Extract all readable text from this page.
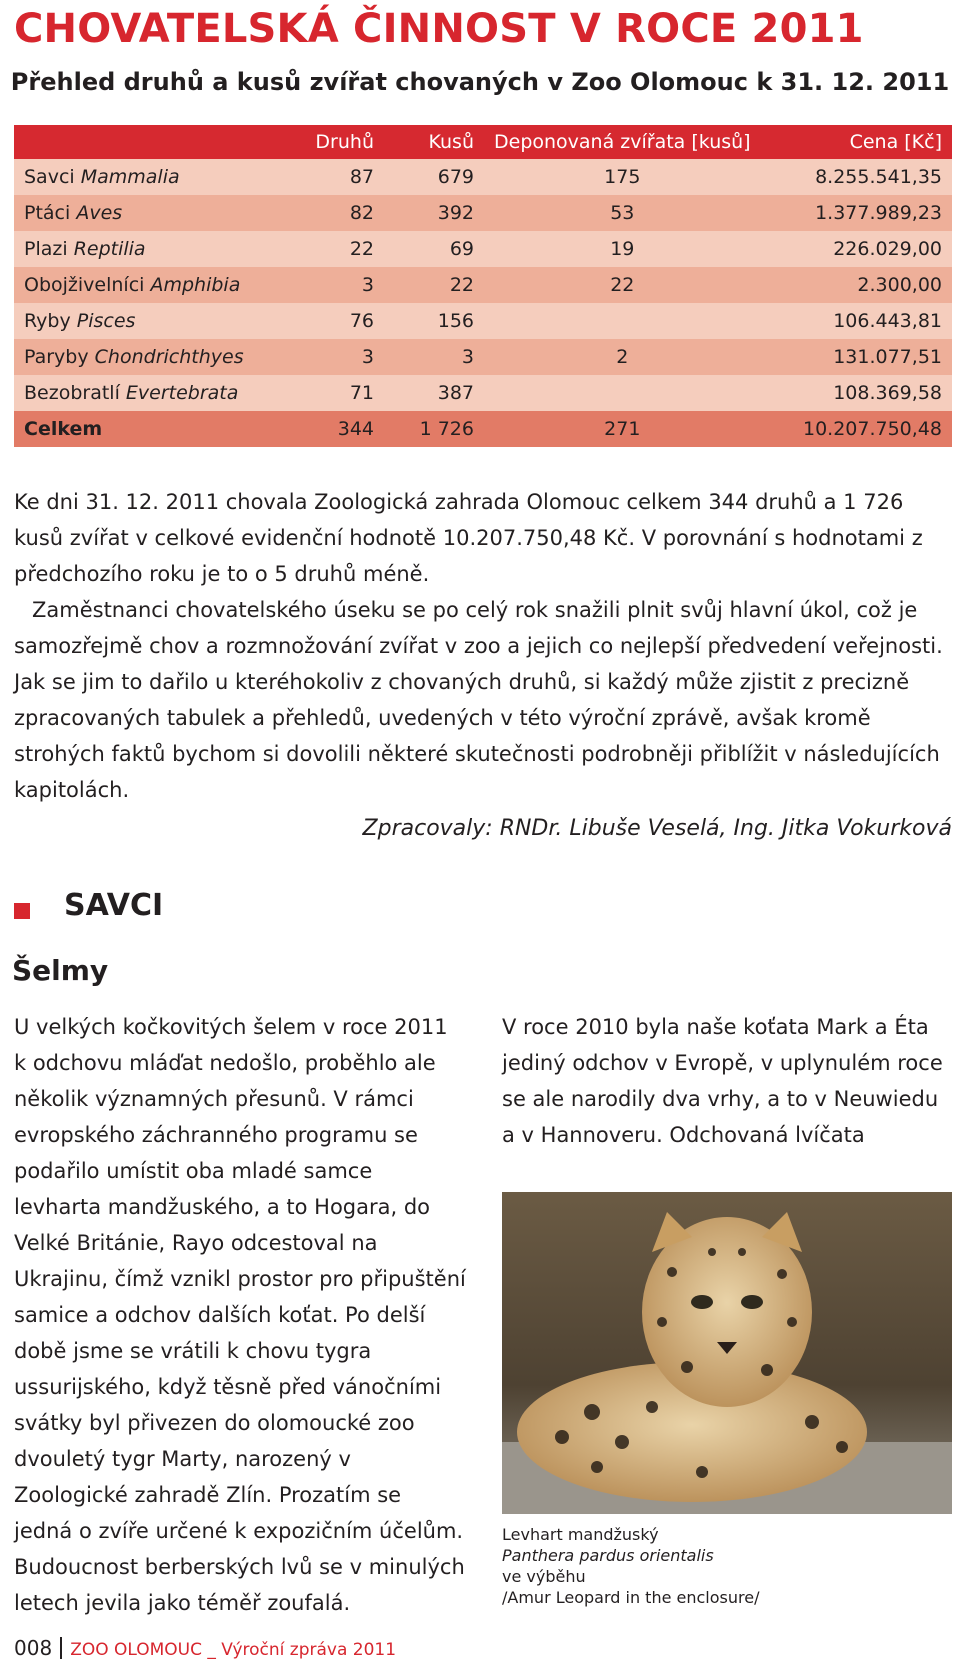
CHOVATELSKÁ ČINNOST V ROCE 2011
Přehled druhů a kusů zvířat chovaných v Zoo Olomouc k 31. 12. 2011
	Druhů	Kusů	Deponovaná zvířata [kusů]	Cena [Kč]
Savci Mammalia	87	679	175	8.255.541,35
Ptáci Aves	82	392	53	1.377.989,23
Plazi Reptilia	22	69	19	226.029,00
Obojživelníci Amphibia	3	22	22	2.300,00
Ryby Pisces	76	156		106.443,81
Paryby Chondrichthyes	3	3	2	131.077,51
Bezobratlí Evertebrata	71	387		108.369,58
Celkem	344	1 726	271	10.207.750,48

Ke dni 31. 12. 2011 chovala Zoologická zahrada Olomouc celkem 344 druhů a 1 726 kusů zvířat v celkové evidenční hodnotě 10.207.750,48 Kč. V porovnání s hodnotami z předchozího roku je to o 5 druhů méně.

Zaměstnanci chovatelského úseku se po celý rok snažili plnit svůj hlavní úkol, což je samozřejmě chov a rozmnožování zvířat v zoo a jejich co nejlepší předvedení veřejnosti. Jak se jim to dařilo u kteréhokoliv z chovaných druhů, si každý může zjistit z precizně zpracovaných tabulek a přehledů, uvedených v této výroční zprávě, avšak kromě strohých faktů bychom si dovolili některé skutečnosti podrobněji přiblížit v následujících kapitolách.

Zpracovaly: RNDr. Libuše Veselá, Ing. Jitka Vokurková

SAVCI
Šelmy

U velkých kočkovitých šelem v roce 2011 k odchovu mláďat nedošlo, proběhlo ale několik významných přesunů. V rámci evropského záchranného programu se podařilo umístit oba mladé samce levharta mandžuského, a to Hogara, do Velké Británie, Rayo odcestoval na Ukrajinu, čímž vznikl prostor pro připuštění samice a odchov dalších koťat. Po delší době jsme se vrátili k chovu tygra ussurijského, když těsně před vánočními svátky byl přivezen do olomoucké zoo dvouletý tygr Marty, narozený v Zoologické zahradě Zlín. Prozatím se jedná o zvíře určené k expozičním účelům. Budoucnost berberských lvů se v minulých letech jevila jako téměř zoufalá.

V roce 2010 byla naše koťata Mark a Éta jediný odchov v Evropě, v uplynulém roce se ale narodily dva vrhy, a to v Neuwiedu a v Hannoveru. Odchovaná lvíčata

Levhart mandžuský
Panthera pardus orientalis
ve výběhu
/Amur Leopard in the enclosure/

008 ZOO OLOMOUC _ Výroční zpráva 2011
